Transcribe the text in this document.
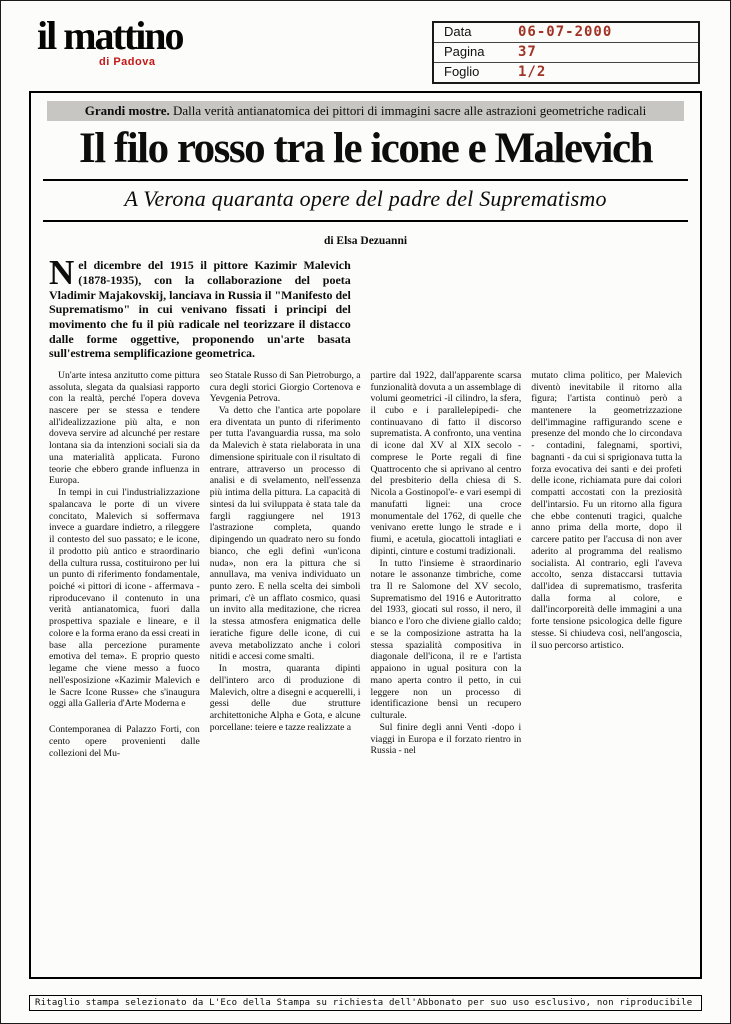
il mattino
di Padova
Data	06-07-2000
Pagina	37
Foglio	1/2
Grandi mostre. Dalla verità antianatomica dei pittori di immagini sacre alle astrazioni geometriche radicali
Il filo rosso tra le icone e Malevich
A Verona quaranta opere del padre del Suprematismo
di Elsa Dezuanni
Nel dicembre del 1915 il pittore Kazimir Malevich (1878-1935), con la collaborazione del poeta Vladimir Majakovskij, lanciava in Russia il "Manifesto del Suprematismo" in cui venivano fissati i principi del movimento che fu il più radicale nel teorizzare il distacco dalle forme oggettive, proponendo un'arte basata sull'estrema semplificazione geometrica.

Un'arte intesa anzitutto come pittura assoluta, slegata da qualsiasi rapporto con la realtà, perché l'opera doveva nascere per se stessa e tendere all'idealizzazione più alta, e non doveva servire ad alcunché per restare lontana sia da intenzioni sociali sia da una materialità applicata. Furono teorie che ebbero grande influenza in Europa.

In tempi in cui l'industrializzazione spalancava le porte di un vivere concitato, Malevich si soffermava invece a guardare indietro, a rileggere il contesto del suo passato; e le icone, il prodotto più antico e straordinario della cultura russa, costituirono per lui un punto di riferimento fondamentale, poiché «i pittori di icone - affermava - riproducevano il contenuto in una verità antianatomica, fuori dalla prospettiva spaziale e lineare, e il colore e la forma erano da essi creati in base alla percezione puramente emotiva del tema». E proprio questo legame che viene messo a fuoco nell'esposizione «Kazimir Malevich e le Sacre Icone Russe» che s'inaugura oggi alla Galleria d'Arte Moderna e

Contemporanea di Palazzo Forti, con cento opere provenienti dalle collezioni del Mu-

seo Statale Russo di San Pietroburgo, a cura degli storici Giorgio Cortenova e Yevgenia Petrova.

Va detto che l'antica arte popolare era diventata un punto di riferimento per tutta l'avanguardia russa, ma solo da Malevich è stata rielaborata in una dimensione spirituale con il risultato di entrare, attraverso un processo di analisi e di svelamento, nell'essenza più intima della pittura. La capacità di sintesi da lui sviluppata è stata tale da fargli raggiungere nel 1913 l'astrazione completa, quando dipingendo un quadrato nero su fondo bianco, che egli definì «un'icona nuda», non era la pittura che si annullava, ma veniva individuato un punto zero. E nella scelta dei simboli primari, c'è un afflato cosmico, quasi un invito alla meditazione, che ricrea la stessa atmosfera enigmatica delle ieratiche figure delle icone, di cui aveva metabolizzato anche i colori nitidi e accesi come smalti.

In mostra, quaranta dipinti dell'intero arco di produzione di Malevich, oltre a disegni e acquerelli, i gessi delle due strutture architettoniche Alpha e Gota, e alcune porcellane: teiere e tazze realizzate a

partire dal 1922, dall'apparente scarsa funzionalità dovuta a un assemblage di volumi geometrici -il cilindro, la sfera, il cubo e i parallelepipedi- che continuavano di fatto il discorso suprematista. A confronto, una ventina di icone dal XV al XIX secolo -comprese le Porte regali di fine Quattrocento che si aprivano al centro del presbiterio della chiesa di S. Nicola a Gostinopol'e- e vari esempi di manufatti lignei: una croce monumentale del 1762, di quelle che venivano erette lungo le strade e i fiumi, e acetula, giocattoli intagliati e dipinti, cinture e costumi tradizionali.

In tutto l'insieme è straordinario notare le assonanze timbriche, come tra Il re Salomone del XV secolo, Suprematismo del 1916 e Autoritratto del 1933, giocati sul rosso, il nero, il bianco e l'oro che diviene giallo caldo; e se la composizione astratta ha la stessa spazialità compositiva in diagonale dell'icona, il re e l'artista appaiono in ugual positura con la mano aperta contro il petto, in cui leggere non un processo di identificazione bensì un recupero culturale.

Sul finire degli anni Venti -dopo i viaggi in Europa e il forzato rientro in Russia - nel

mutato clima politico, per Malevich diventò inevitabile il ritorno alla figura; l'artista continuò però a mantenere la geometrizzazione dell'immagine raffigurando scene e presenze del mondo che lo circondava - contadini, falegnami, sportivi, bagnanti - da cui si sprigionava tutta la forza evocativa dei santi e dei profeti delle icone, richiamata pure dai colori compatti accostati con la preziosità dell'intarsio. Fu un ritorno alla figura che ebbe contenuti tragici, qualche anno prima della morte, dopo il carcere patito per l'accusa di non aver aderito al programma del realismo socialista. Al contrario, egli l'aveva accolto, senza distaccarsi tuttavia dall'idea di suprematismo, trasferita dalla forma al colore, e dall'incorporeità delle immagini a una forte tensione psicologica delle figure stesse. Si chiudeva così, nell'angoscia, il suo percorso artistico.

Ritaglio stampa selezionato da L'Eco della Stampa su richiesta dell'Abbonato per suo uso esclusivo, non riproducibile
